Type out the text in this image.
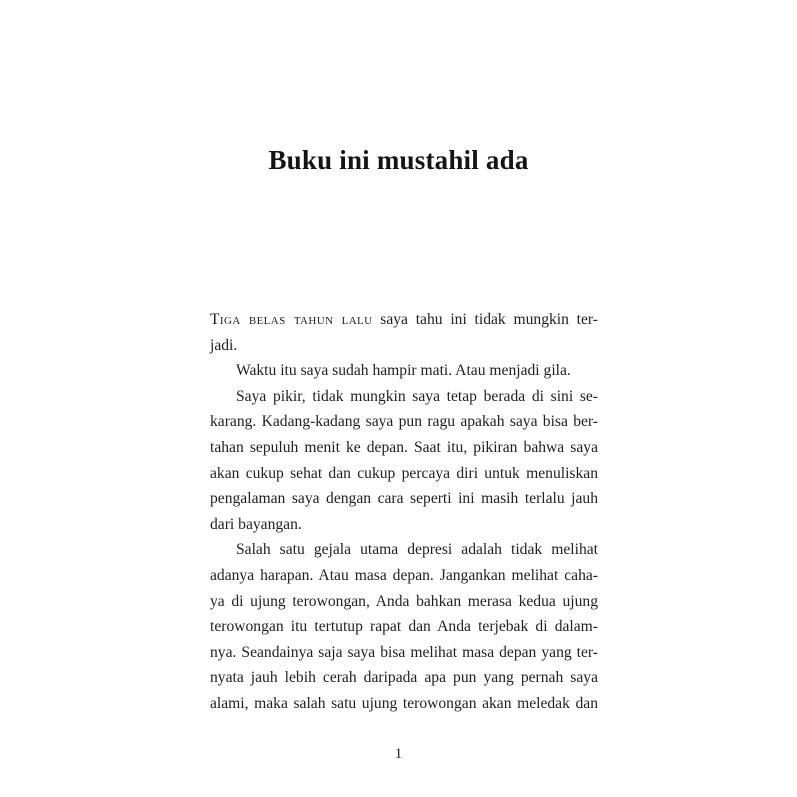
Buku ini mustahil ada
Tiga belas tahun lalu saya tahu ini tidak mungkin ter-
jadi.
Waktu itu saya sudah hampir mati. Atau menjadi gila.
Saya pikir, tidak mungkin saya tetap berada di sini se-
karang. Kadang-kadang saya pun ragu apakah saya bisa ber-
tahan sepuluh menit ke depan. Saat itu, pikiran bahwa saya
akan cukup sehat dan cukup percaya diri untuk menuliskan
pengalaman saya dengan cara seperti ini masih terlalu jauh
dari bayangan.
Salah satu gejala utama depresi adalah tidak melihat
adanya harapan. Atau masa depan. Jangankan melihat caha-
ya di ujung terowongan, Anda bahkan merasa kedua ujung
terowongan itu tertutup rapat dan Anda terjebak di dalam-
nya. Seandainya saja saya bisa melihat masa depan yang ter-
nyata jauh lebih cerah daripada apa pun yang pernah saya
alami, maka salah satu ujung terowongan akan meledak dan
1
